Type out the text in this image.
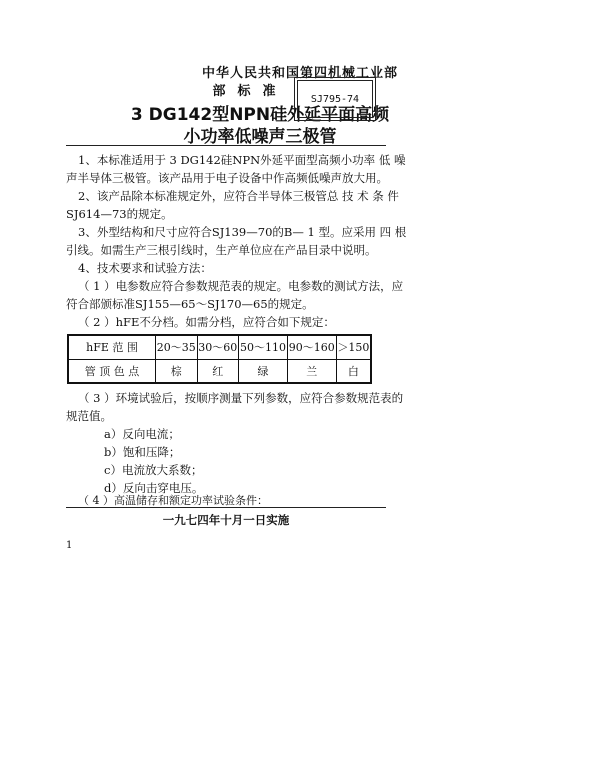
中华人民共和国第四机械工业部
部标准
3 DG142型NPN硅外延平面高频
小功率低噪声三极管
SJ795-74
1、本标准适用于 3 DG142硅NPN外延平面型高频小功率 低 噪
声半导体三极管。该产品用于电子设备中作高频低噪声放大用。
2、该产品除本标准规定外，应符合半导体三极管总 技 术 条 件
SJ614—73的规定。
3、外型结构和尺寸应符合SJ139—70的B— 1 型。应采用 四 根
引线。如需生产三根引线时，生产单位应在产品目录中说明。
4、技术要求和试验方法：
（ 1 ）电参数应符合参数规范表的规定。电参数的测试方法，应
符合部颁标准SJ155—65～SJ170—65的规定。
hFE 范 围	20～35	30～60	50～110	90～160	＞150
管 顶 色 点	棕	红	绿	兰	白
（ 3 ）环境试验后，按顺序测量下列参数，应符合参数规范表的
规范值。
a）反向电流；
b）饱和压降；
c）电流放大系数；
d）反向击穿电压。
（ 4 ）高温储存和额定功率试验条件：
一九七四年十月一日实施
1
（ 2 ）hFE不分档。如需分档，应符合如下规定：
